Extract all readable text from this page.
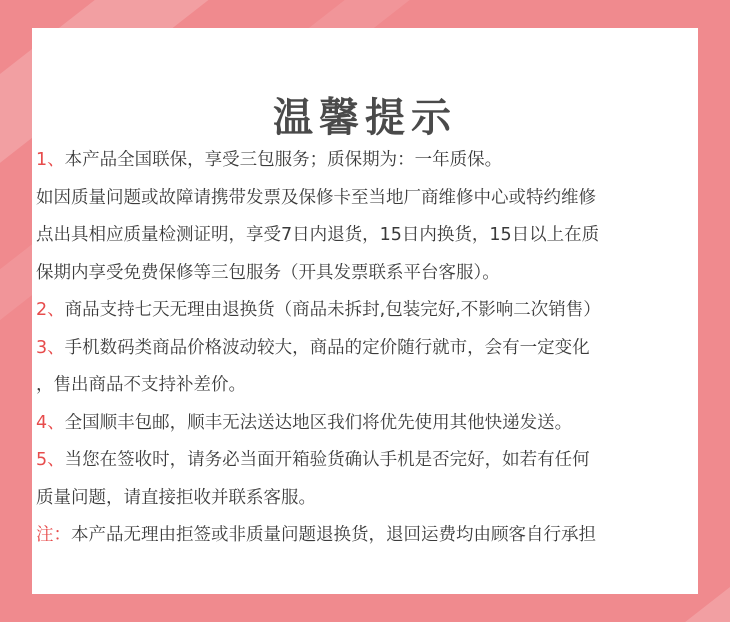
温馨提示
1、本产品全国联保，享受三包服务；质保期为：一年质保。
如因质量问题或故障请携带发票及保修卡至当地厂商维修中心或特约维修
点出具相应质量检测证明，享受7日内退货，15日内换货，15日以上在质
保期内享受免费保修等三包服务（开具发票联系平台客服）。
2、商品支持七天无理由退换货（商品未拆封,包装完好,不影响二次销售）
3、手机数码类商品价格波动较大，商品的定价随行就市，会有一定变化
，售出商品不支持补差价。
4、全国顺丰包邮，顺丰无法送达地区我们将优先使用其他快递发送。
5、当您在签收时，请务必当面开箱验货确认手机是否完好，如若有任何
质量问题，请直接拒收并联系客服。
注：本产品无理由拒签或非质量问题退换货，退回运费均由顾客自行承担
